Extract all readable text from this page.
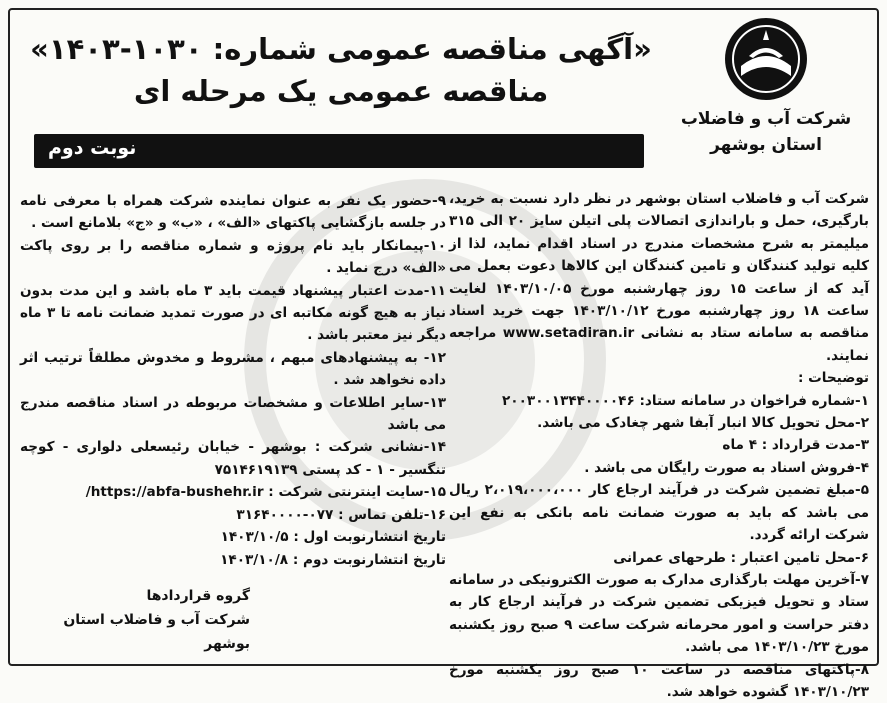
«آگهی مناقصه عمومی شماره: ۱۰۳۰-۱۴۰۳»
مناقصه عمومی یک مرحله ای
شرکت آب و فاضلاب
استان بوشهر
نوبت دوم

شرکت آب و فاضلاب استان بوشهر در نظر دارد نسبت به خرید، بارگیری، حمل و باراندازی اتصالات پلی اتیلن سایز ۲۰ الی ۳۱۵ میلیمتر به شرح مشخصات مندرج در اسناد اقدام نماید، لذا از کلیه تولید کنندگان و تامین کنندگان این کالاها دعوت بعمل می آید که از ساعت ۱۵ روز چهارشنبه مورخ ۱۴۰۳/۱۰/۰۵ لغایت ساعت ۱۸ روز چهارشنبه مورخ ۱۴۰۳/۱۰/۱۲ جهت خرید اسناد مناقصه به سامانه ستاد به نشانی www.setadiran.ir مراجعه نمایند.

توضیحات :

۱-شماره فراخوان در سامانه ستاد: ۲۰۰۳۰۰۱۳۴۴۰۰۰۰۴۶

۲-محل تحویل کالا انبار آبفا شهر چغادک می باشد.

۳-مدت قرارداد : ۴ ماه

۴-فروش اسناد به صورت رایگان می باشد .

۵-مبلغ تضمین شرکت در فرآیند ارجاع کار ۲،۰۱۹،۰۰۰،۰۰۰ ریال می باشد که باید به صورت ضمانت نامه بانکی به نفع این شرکت ارائه گردد.

۶-محل تامین اعتبار : طرحهای عمرانی

۷-آخرین مهلت بارگذاری مدارک به صورت الکترونیکی در سامانه ستاد و تحویل فیزیکی تضمین شرکت در فرآیند ارجاع کار به دفتر حراست و امور محرمانه شرکت ساعت ۹ صبح روز یکشنبه مورخ ۱۴۰۳/۱۰/۲۳ می باشد.

۸-پاکتهای مناقصه در ساعت ۱۰ صبح روز یکشنبه مورخ ۱۴۰۳/۱۰/۲۳ گشوده خواهد شد.

۹-حضور یک نفر به عنوان نماینده شرکت همراه با معرفی نامه در جلسه بازگشایی پاکتهای «الف» ، «ب» و «ج» بلامانع است .

۱۰-پیمانکار باید نام پروژه و شماره مناقصه را بر روی پاکت «الف» درج نماید .

۱۱-مدت اعتبار پیشنهاد قیمت باید ۳ ماه باشد و این مدت بدون نیاز به هیچ گونه مکاتبه ای در صورت تمدید ضمانت نامه تا ۳ ماه دیگر نیز معتبر باشد .

۱۲- به پیشنهادهای مبهم ، مشروط و مخدوش مطلقاً ترتیب اثر داده نخواهد شد .

۱۳-سایر اطلاعات و مشخصات مربوطه در اسناد مناقصه مندرج می باشد

۱۴-نشانی شرکت : بوشهر - خیابان رئیسعلی دلواری - کوچه تنگسیر - ۱ - کد پستی ۷۵۱۴۶۱۹۱۳۹

۱۵-سایت اینترنتی شرکت : https://abfa-bushehr.ir/

۱۶-تلفن تماس : ۰۷۷-۳۱۶۴۰۰۰۰

تاریخ انتشارنوبت اول : ۱۴۰۳/۱۰/۵

تاریخ انتشارنوبت دوم : ۱۴۰۳/۱۰/۸

گروه قراردادها
شرکت آب و فاضلاب استان بوشهر
